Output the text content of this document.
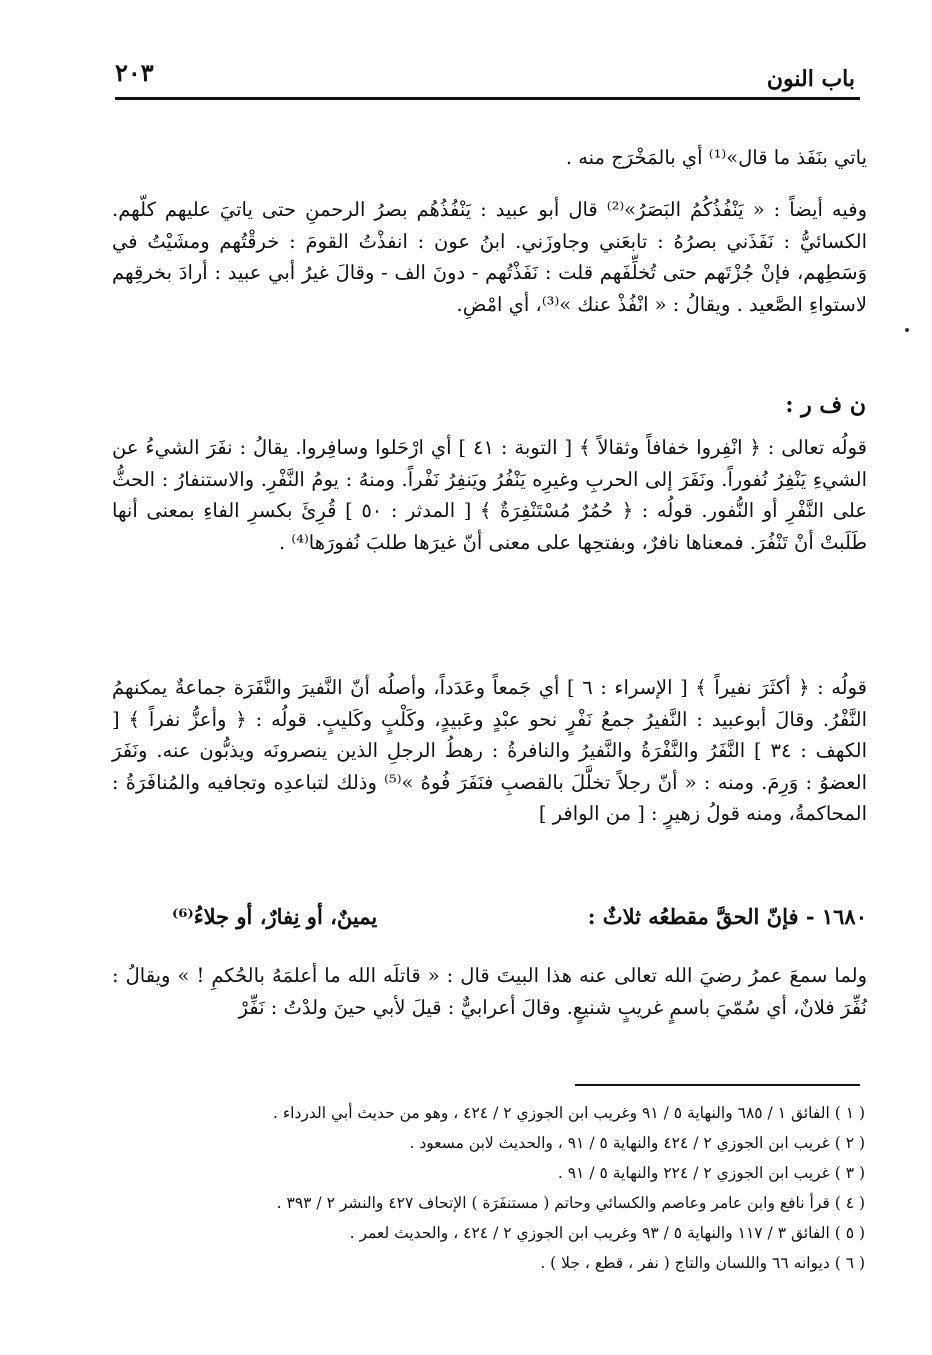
٢٠٣	باب النون

ياتي بنَفَذ ما قال»⁽¹⁾ أي بالمَخْرَج منه .

وفيه أيضاً : « يَنْفُذُكُمُ البَصَرُ»⁽²⁾ قال أبو عبيد : يَنْفُذُهُم بصرُ الرحمنِ حتى ياتيَ عليهم كلّهم. الكسائيُّ : نَفَذَني بصرُهُ : تابعَني وجاوزَني. ابنُ عون : انفذْتُ القومَ : خرقْتُهم ومشَيْتُ في وَسَطِهم، فإنْ جُزْتَهم حتى تُخلِّفَهم قلت : نَفَذْتُهم - دونَ الف - وقالَ غيرُ أبي عبيد : أرادَ بخرقِهم لاستواءِ الصَّعيد . ويقالُ : « انْفُذْ عنك »⁽³⁾، أي امْضِ.

ن ف ر :

قولُه تعالى : ﴿ انْفِروا خفافاً وثقالاً ﴾ [ التوبة : ٤١ ] أي ارْحَلوا وسافِروا. يقالُ : نفَرَ الشيءُ عن الشيءِ يَنْفِرُ نُفوراً. ونَفَرَ إلى الحربِ وغيرِه يَنْفُرُ ويَنفِرُ نَفْراً. ومنهُ : يومُ النَّفْرِ. والاستنفارُ : الحثُّ على النَّفْرِ أو النُّفور. قولُه : ﴿ حُمُرٌ مُسْتَنْفِرَةٌ ﴾ [ المدثر : ٥٠ ] قُرِئَ بكسرِ الفاءِ بمعنى أنها طَلَبتْ أنْ تَنْفُرَ. فمعناها نافرٌ، وبفتحِها على معنى أنّ غيرَها طلبَ نُفورَها⁽⁴⁾ .

قولُه : ﴿ أكثَرَ نفيراً ﴾ [ الإسراء : ٦ ] أي جَمعاً وعَدَداً، وأصلُه أنّ النَّفيرَ والنَّفَرَة جماعةٌ يمكنهمُ النَّفْرُ. وقالَ أبوعبيد : النَّفيرُ جمعُ نَفْرٍ نحو عبْدٍ وعَبيدٍ، وكَلْبٍ وكَليبٍ. قولُه : ﴿ وأعزُّ نفراً ﴾ [ الكهف : ٣٤ ] النَّفَرُ والنَّفْرَةُ والنَّفيرُ والنافرةُ : رهطُ الرجلِ الذين ينصرونَه ويذبُّون عنه. ونَفَرَ العضوُ : وَرِمَ. ومنه : « أنّ رجلاً تخلَّلَ بالقصبِ فنَفَرَ فُوهُ »⁽⁵⁾ وذلك لتباعدِه وتجافيه والمُنافَرَةُ : المحاكمةُ، ومنه قولُ زهيرٍ : [ من الوافر ]

١٦٨٠ - فإنّ الحقَّ مقطعُه ثلاثٌ :
يمينٌ، أو نِفارٌ، أو جلاءُ⁽⁶⁾

ولما سمعَ عمرُ رضيَ الله تعالى عنه هذا البيتَ قال : « قاتلَه الله ما أعلمَهُ بالحُكمِ ! » ويقالُ : نُفِّرَ فلانٌ، أي سُمّيَ باسمٍ غريبٍ شنيعٍ. وقالَ أعرابيٌّ : قيلَ لأبي حينَ ولدْتُ : نَفِّرْ

( ١ ) الفائق ١ / ٦٨٥ والنهاية ٥ / ٩١ وغريب ابن الجوزي ٢ / ٤٢٤ ، وهو من حديث أبي الدرداء .
( ٢ ) غريب ابن الجوزي ٢ / ٤٢٤ والنهاية ٥ / ٩١ ، والحديث لابن مسعود .
( ٣ ) غريب ابن الجوزي ٢ / ٢٢٤ والنهاية ٥ / ٩١ .
( ٤ ) قرأ نافع وابن عامر وعاصم والكسائي وحاتم ( مستنفَرَة ) الإتحاف ٤٢٧ والنشر ٢ / ٣٩٣ .
( ٥ ) الفائق ٣ / ١١٧ والنهاية ٥ / ٩٣ وغريب ابن الجوزي ٢ / ٤٢٤ ، والحديث لعمر .
( ٦ ) ديوانه ٦٦ واللسان والتاج ( نفر ، قطع ، جلا ) .
